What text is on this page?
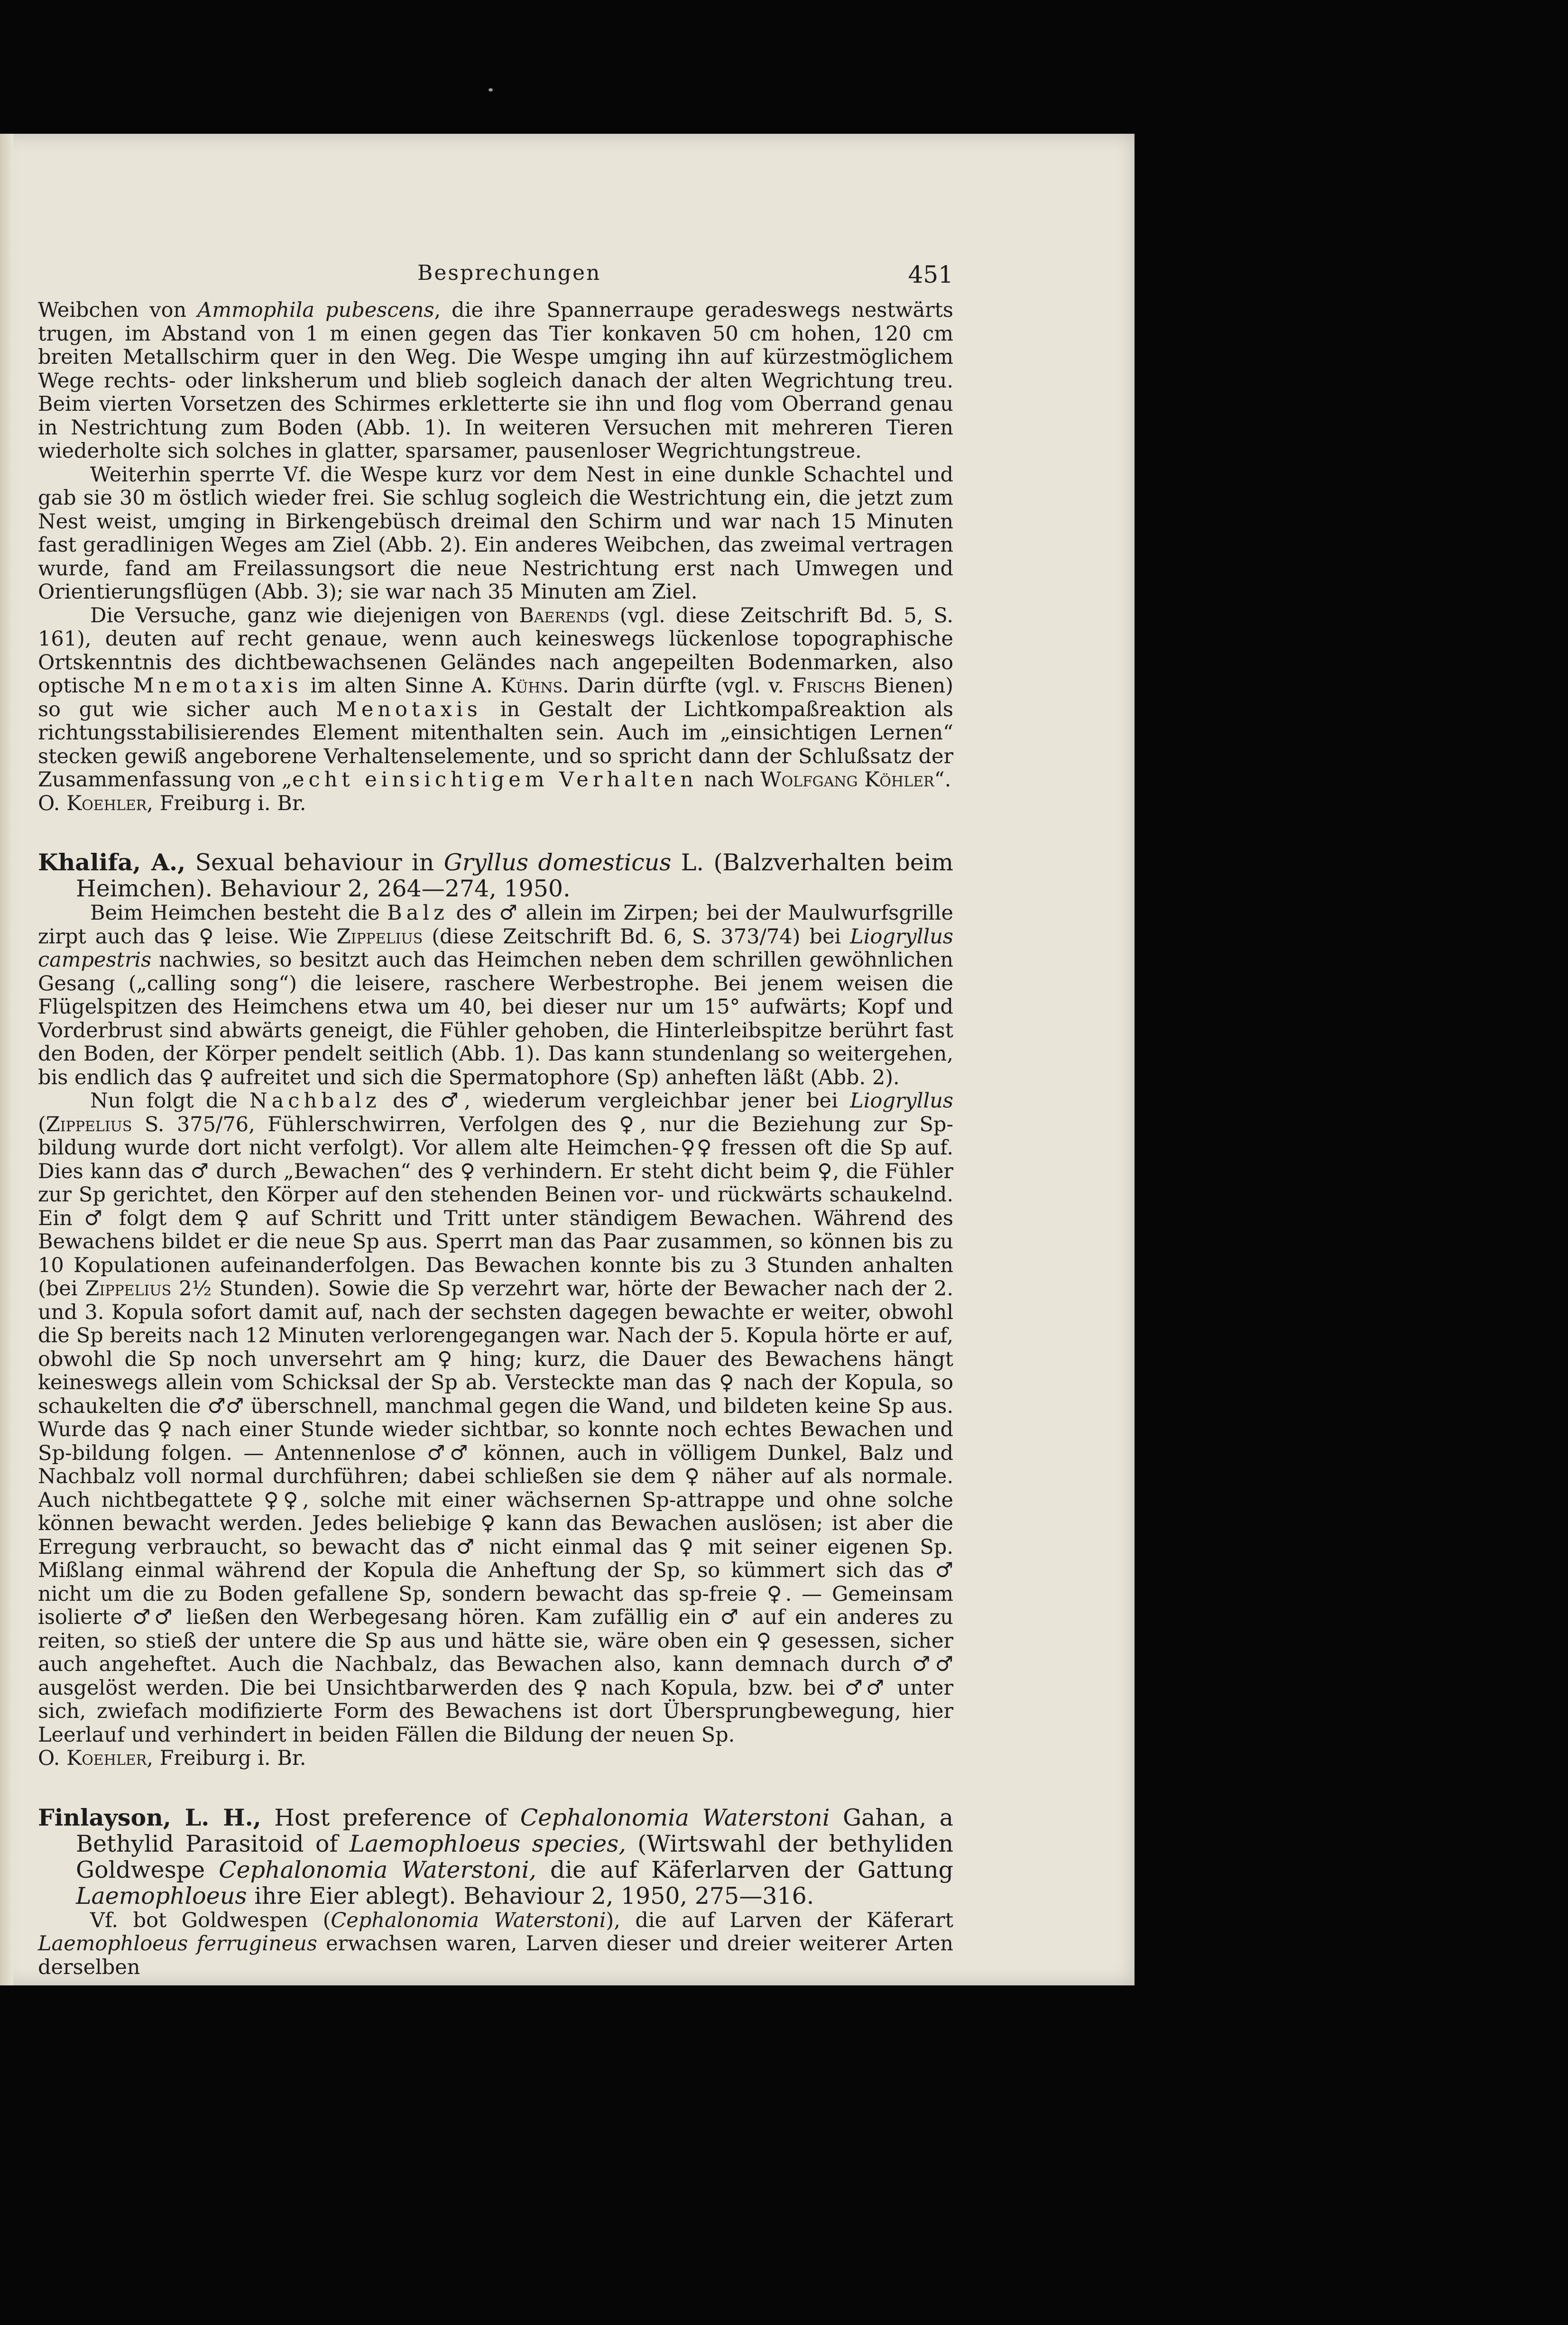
Besprechungen	451

Weibchen von Ammophila pubescens, die ihre Spannerraupe geradeswegs nestwärts trugen, im Abstand von 1 m einen gegen das Tier konkaven 50 cm hohen, 120 cm breiten Metallschirm quer in den Weg. Die Wespe umging ihn auf kürzestmöglichem Wege rechts- oder linksherum und blieb sogleich danach der alten Wegrichtung treu. Beim vierten Vorsetzen des Schirmes erkletterte sie ihn und flog vom Oberrand genau in Nestrichtung zum Boden (Abb. 1). In weiteren Versuchen mit mehreren Tieren wiederholte sich solches in glatter, sparsamer, pausenloser Wegrichtungstreue.

Weiterhin sperrte Vf. die Wespe kurz vor dem Nest in eine dunkle Schachtel und gab sie 30 m östlich wieder frei. Sie schlug sogleich die Westrichtung ein, die jetzt zum Nest weist, umging in Birkengebüsch dreimal den Schirm und war nach 15 Minuten fast geradlinigen Weges am Ziel (Abb. 2). Ein anderes Weibchen, das zweimal vertragen wurde, fand am Freilassungsort die neue Nestrichtung erst nach Umwegen und Orientierungsflügen (Abb. 3); sie war nach 35 Minuten am Ziel.

Die Versuche, ganz wie diejenigen von Baerends (vgl. diese Zeitschrift Bd. 5, S. 161), deuten auf recht genaue, wenn auch keineswegs lückenlose topographische Ortskenntnis des dichtbewachsenen Geländes nach angepeilten Bodenmarken, also optische Mnemotaxis im alten Sinne A. Kühns. Darin dürfte (vgl. v. Frischs Bienen) so gut wie sicher auch Menotaxis in Gestalt der Lichtkompaßreaktion als richtungsstabilisierendes Element mitenthalten sein. Auch im „einsichtigen Lernen“ stecken gewiß angeborene Verhaltenselemente, und so spricht dann der Schlußsatz der Zusammenfassung von „echt einsichtigem Verhalten nach Wolfgang Köhler“.

O. Koehler, Freiburg i. Br.

Khalifa, A., Sexual behaviour in Gryllus domesticus L. (Balzverhalten beim Heimchen). Behaviour 2, 264—274, 1950.

Beim Heimchen besteht die Balz des ♂ allein im Zirpen; bei der Maulwurfsgrille zirpt auch das ♀ leise. Wie Zippelius (diese Zeitschrift Bd. 6, S. 373/74) bei Liogryllus campestris nachwies, so besitzt auch das Heimchen neben dem schrillen gewöhnlichen Gesang („calling song“) die leisere, raschere Werbestrophe. Bei jenem weisen die Flügelspitzen des Heimchens etwa um 40, bei dieser nur um 15° aufwärts; Kopf und Vorderbrust sind abwärts geneigt, die Fühler gehoben, die Hinterleibspitze berührt fast den Boden, der Körper pendelt seitlich (Abb. 1). Das kann stundenlang so weitergehen, bis endlich das ♀ aufreitet und sich die Spermatophore (Sp) anheften läßt (Abb. 2).

Nun folgt die Nachbalz des ♂, wiederum vergleichbar jener bei Liogryllus (Zippelius S. 375/76, Fühlerschwirren, Verfolgen des ♀, nur die Beziehung zur Sp-bildung wurde dort nicht verfolgt). Vor allem alte Heimchen-♀♀ fressen oft die Sp auf. Dies kann das ♂ durch „Bewachen“ des ♀ verhindern. Er steht dicht beim ♀, die Fühler zur Sp gerichtet, den Körper auf den stehenden Beinen vor- und rückwärts schaukelnd. Ein ♂ folgt dem ♀ auf Schritt und Tritt unter ständigem Bewachen. Während des Bewachens bildet er die neue Sp aus. Sperrt man das Paar zusammen, so können bis zu 10 Kopulationen aufeinanderfolgen. Das Bewachen konnte bis zu 3 Stunden anhalten (bei Zippelius 2½ Stunden). Sowie die Sp verzehrt war, hörte der Bewacher nach der 2. und 3. Kopula sofort damit auf, nach der sechsten dagegen bewachte er weiter, obwohl die Sp bereits nach 12 Minuten verlorengegangen war. Nach der 5. Kopula hörte er auf, obwohl die Sp noch unversehrt am ♀ hing; kurz, die Dauer des Bewachens hängt keineswegs allein vom Schicksal der Sp ab. Versteckte man das ♀ nach der Kopula, so schaukelten die ♂♂ überschnell, manchmal gegen die Wand, und bildeten keine Sp aus. Wurde das ♀ nach einer Stunde wieder sichtbar, so konnte noch echtes Bewachen und Sp-bildung folgen. — Antennenlose ♂♂ können, auch in völligem Dunkel, Balz und Nachbalz voll normal durchführen; dabei schließen sie dem ♀ näher auf als normale. Auch nichtbegattete ♀♀, solche mit einer wächsernen Sp-attrappe und ohne solche können bewacht werden. Jedes beliebige ♀ kann das Bewachen auslösen; ist aber die Erregung verbraucht, so bewacht das ♂ nicht einmal das ♀ mit seiner eigenen Sp. Mißlang einmal während der Kopula die Anheftung der Sp, so kümmert sich das ♂ nicht um die zu Boden gefallene Sp, sondern bewacht das sp-freie ♀. — Gemeinsam isolierte ♂♂ ließen den Werbegesang hören. Kam zufällig ein ♂ auf ein anderes zu reiten, so stieß der untere die Sp aus und hätte sie, wäre oben ein ♀ gesessen, sicher auch angeheftet. Auch die Nachbalz, das Bewachen also, kann demnach durch ♂♂ ausgelöst werden. Die bei Unsichtbarwerden des ♀ nach Kopula, bzw. bei ♂♂ unter sich, zwiefach modifizierte Form des Bewachens ist dort Übersprungbewegung, hier Leerlauf und verhindert in beiden Fällen die Bildung der neuen Sp.

O. Koehler, Freiburg i. Br.

Finlayson, L. H., Host preference of Cephalonomia Waterstoni Gahan, a Bethylid Parasitoid of Laemophloeus species, (Wirtswahl der bethyliden Goldwespe Cephalonomia Waterstoni, die auf Käferlarven der Gattung Laemophloeus ihre Eier ablegt). Behaviour 2, 1950, 275—316.

Vf. bot Goldwespen (Cephalonomia Waterstoni), die auf Larven der Käferart Laemophloeus ferrugineus erwachsen waren, Larven dieser und dreier weiterer Arten derselben
